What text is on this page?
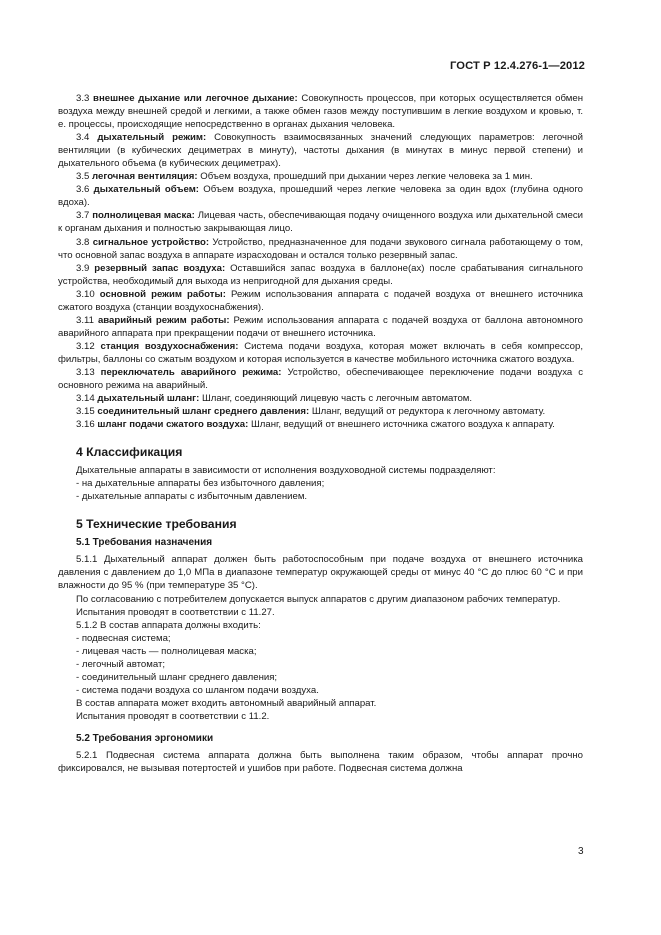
ГОСТ Р 12.4.276-1—2012

3.3 внешнее дыхание или легочное дыхание: Совокупность процессов, при которых осуществляется обмен воздуха между внешней средой и легкими, а также обмен газов между поступившим в легкие воздухом и кровью, т. е. процессы, происходящие непосредственно в органах дыхания человека.

3.4 дыхательный режим: Совокупность взаимосвязанных значений следующих параметров: легочной вентиляции (в кубических дециметрах в минуту), частоты дыхания (в минутах в минус первой степени) и дыхательного объема (в кубических дециметрах).

3.5 легочная вентиляция: Объем воздуха, прошедший при дыхании через легкие человека за 1 мин.

3.6 дыхательный объем: Объем воздуха, прошедший через легкие человека за один вдох (глубина одного вдоха).

3.7 полнолицевая маска: Лицевая часть, обеспечивающая подачу очищенного воздуха или дыхательной смеси к органам дыхания и полностью закрывающая лицо.

3.8 сигнальное устройство: Устройство, предназначенное для подачи звукового сигнала работающему о том, что основной запас воздуха в аппарате израсходован и остался только резервный запас.

3.9 резервный запас воздуха: Оставшийся запас воздуха в баллоне(ах) после срабатывания сигнального устройства, необходимый для выхода из непригодной для дыхания среды.

3.10 основной режим работы: Режим использования аппарата с подачей воздуха от внешнего источника сжатого воздуха (станции воздухоснабжения).

3.11 аварийный режим работы: Режим использования аппарата с подачей воздуха от баллона автономного аварийного аппарата при прекращении подачи от внешнего источника.

3.12 станция воздухоснабжения: Система подачи воздуха, которая может включать в себя компрессор, фильтры, баллоны со сжатым воздухом и которая используется в качестве мобильного источника сжатого воздуха.

3.13 переключатель аварийного режима: Устройство, обеспечивающее переключение подачи воздуха с основного режима на аварийный.

3.14 дыхательный шланг: Шланг, соединяющий лицевую часть с легочным автоматом.

3.15 соединительный шланг среднего давления: Шланг, ведущий от редуктора к легочному автомату.

3.16 шланг подачи сжатого воздуха: Шланг, ведущий от внешнего источника сжатого воздуха к аппарату.

4 Классификация

Дыхательные аппараты в зависимости от исполнения воздуховодной системы подразделяют:

- на дыхательные аппараты без избыточного давления;

- дыхательные аппараты с избыточным давлением.

5 Технические требования
5.1 Требования назначения

5.1.1 Дыхательный аппарат должен быть работоспособным при подаче воздуха от внешнего источника давления с давлением до 1,0 МПа в диапазоне температур окружающей среды от минус 40 °С до плюс 60 °С и при влажности до 95 % (при температуре 35 °С).

По согласованию с потребителем допускается выпуск аппаратов с другим диапазоном рабочих температур.

Испытания проводят в соответствии с 11.27.

5.1.2 В состав аппарата должны входить:

- подвесная система;

- лицевая часть — полнолицевая маска;

- легочный автомат;

- соединительный шланг среднего давления;

- система подачи воздуха со шлангом подачи воздуха.

В состав аппарата может входить автономный аварийный аппарат.

Испытания проводят в соответствии с 11.2.

5.2 Требования эргономики

5.2.1 Подвесная система аппарата должна быть выполнена таким образом, чтобы аппарат прочно фиксировался, не вызывая потертостей и ушибов при работе. Подвесная система должна

3
